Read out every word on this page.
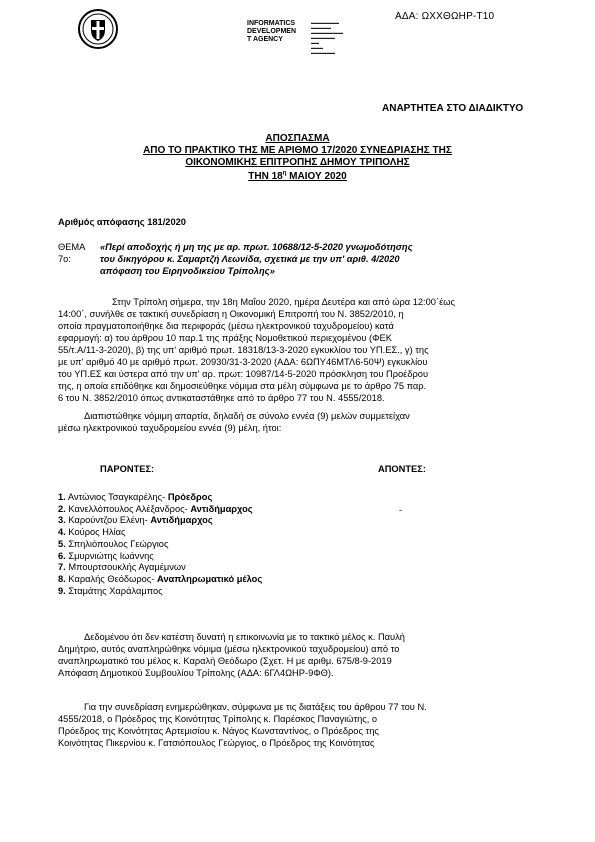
ΑΔΑ: ΩΧΧΘΩΗΡ-Τ10
INFORMATICS
DEVELOPMEN
T AGENCY
▬▬▬▬▬▬▬
▬▬▬▬▬
▬▬▬▬▬▬▬▬
▬▬▬▬▬▬
▬▬
▬▬▬
▬▬▬▬▬▬
ΑΝΑΡΤΗΤΕΑ ΣΤΟ ΔΙΑΔΙΚΤΥΟ
ΑΠΟΣΠΑΣΜΑ
ΑΠΟ ΤΟ ΠΡΑΚΤΙΚΟ ΤΗΣ ΜΕ ΑΡΙΘΜΟ 17/2020 ΣΥΝΕΔΡΙΑΣΗΣ ΤΗΣ
ΟΙΚΟΝΟΜΙΚΗΣ ΕΠΙΤΡΟΠΗΣ ΔΗΜΟΥ ΤΡΙΠΟΛΗΣ
ΤΗΝ $18^\eta$ ΜΑΙΟΥ 2020
Αριθμός απόφασης 181/2020
ΘΕΜΑ 7ο:
«Περί αποδοχής ή μη της με αρ. πρωτ. 10688/12-5-2020 γνωμοδότησης
του δικηγόρου κ. Σαμαρτζή Λεωνίδα, σχετικά με την υπ' αριθ. 4/2020
απόφαση του Ειρηνοδικείου Τρίπολης»
Στην Τρίπολη σήμερα, την 18η Μαΐου 2020, ημέρα Δευτέρα και από ώρα 12:00΄έως
14:00΄, συνήλθε σε τακτική συνεδρίαση η Οικονομική Επιτροπή του Ν. 3852/2010, η
οποία πραγματοποιήθηκε δια περιφοράς (μέσω ηλεκτρονικού ταχυδρομείου) κατά
εφαρμογή: α) του άρθρου 10 παρ.1 της πράξης Νομοθετικού περιεχομένου (ΦΕΚ
55/τ.Α/11-3-2020), β) της υπ' αριθμό πρωτ. 18318/13-3-2020 εγκυκλίου του ΥΠ.ΕΣ., γ) της
με υπ' αριθμό 40 με αριθμό πρωτ. 20930/31-3-2020 (ΑΔΑ: 6ΩΠΥ46ΜΤΛ6-50Ψ) εγκυκλίου
του ΥΠ.ΕΣ και ύστερα από την υπ' αρ. πρωτ: 10987/14-5-2020 πρόσκληση του Προέδρου
της, η οποία επιδόθηκε και δημοσιεύθηκε νόμιμα στα μέλη σύμφωνα με το άρθρο 75 παρ.
6 του Ν. 3852/2010 όπως αντικαταστάθηκε από το άρθρο 77 του Ν. 4555/2018.
Διαπιστώθηκε νόμιμη απαρτία, δηλαδή σε σύνολο εννέα (9) μελών συμμετείχαν
μέσω ηλεκτρονικού ταχυδρομείου εννέα (9) μέλη, ήτοι:
ΠΑΡΟΝΤΕΣ:	ΑΠΟΝΤΕΣ:
-
1. Αντώνιος Τσαγκαρέλης- Πρόεδρος
2. Κανελλόπουλος Αλέξανδρος- Αντιδήμαρχος
3. Καρούντζου Ελένη- Αντιδήμαρχος
4. Κούρος Ηλίας
5. Σπηλιόπουλος Γεώργιος
6. Σμυρνιώτης Ιωάννης
7. Μπουρτσουκλής Αγαμέμνων
8. Καραλής Θεόδωρος- Αναπληρωματικό μέλος
9. Σταμάτης Χαράλαμπος
Δεδομένου ότι δεν κατέστη δυνατή η επικοινωνία με το τακτικό μέλος κ. Παυλή
Δημήτριο, αυτός αναπληρώθηκε νόμιμα (μέσω ηλεκτρονικού ταχυδρομείου) από το
αναπληρωματικό του μέλος κ. Καραλή Θεόδωρο (Σχετ. Η με αριθμ. 675/8-9-2019
Απόφαση Δημοτικού Συμβουλίου Τρίπολης (ΑΔΑ: 6ΓΛ4ΩΗΡ-9ΦΘ).
Για την συνεδρίαση ενημερώθηκαν, σύμφωνα με τις διατάξεις του άρθρου 77 του Ν.
4555/2018, ο Πρόεδρος της Κοινότητας Τρίπολης κ. Παρέσκος Παναγιώτης, ο
Πρόεδρος της Κοινότητας Αρτεμισίου κ. Νάγος Κωνσταντίνος, ο Πρόεδρος της
Κοινότητας Πικερνίου κ. Γατσιόπουλος Γεώργιος, ο Πρόεδρος της Κοινότητας
